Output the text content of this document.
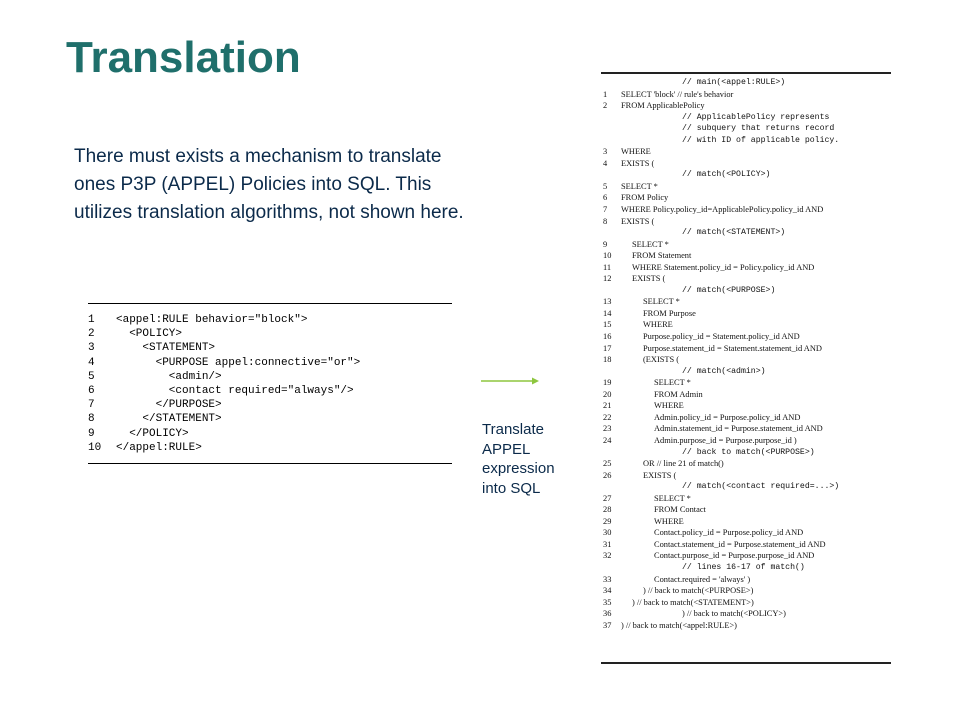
Translation
There must exists a mechanism to translate ones P3P (APPEL) Policies into SQL. This utilizes translation algorithms, not shown here.
1 <appel:RULE behavior="block">
2  <POLICY>
3    <STATEMENT>
4      <PURPOSE appel:connective="or">
5        <admin/>
6        <contact required="always"/>
7      </PURPOSE>
8    </STATEMENT>
9  </POLICY>
10 </appel:RULE>
Translate
APPEL
expression
into SQL
// main(<appel:RULE>)
1	SELECT 'block' // rule's behavior
2	FROM ApplicablePolicy
// ApplicablePolicy represents
// subquery that returns record
// with ID of applicable policy.
3	WHERE
4	EXISTS (
// match(<POLICY>)
5	SELECT *
6	FROM Policy
7	WHERE Policy.policy_id=ApplicablePolicy.policy_id AND
8	EXISTS (
// match(<STATEMENT>)
9	SELECT *
10	FROM Statement
11	WHERE Statement.policy_id = Policy.policy_id AND
12	EXISTS (
// match(<PURPOSE>)
13	SELECT *
14	FROM Purpose
15	WHERE
16	Purpose.policy_id = Statement.policy_id AND
17	Purpose.statement_id = Statement.statement_id AND
18	(EXISTS (
// match(<admin>)
19	SELECT *
20	FROM Admin
21	WHERE
22	Admin.policy_id = Purpose.policy_id AND
23	Admin.statement_id = Purpose.statement_id AND
24	Admin.purpose_id = Purpose.purpose_id )
// back to match(<PURPOSE>)
25	OR // line 21 of match()
26	EXISTS (
// match(<contact required=...>)
27	SELECT *
28	FROM Contact
29	WHERE
30	Contact.policy_id = Purpose.policy_id AND
31	Contact.statement_id = Purpose.statement_id AND
32	Contact.purpose_id = Purpose.purpose_id AND
// lines 16-17 of match()
33	Contact.required = 'always' )
34	) // back to match(<PURPOSE>)
35	) // back to match(<STATEMENT>)
36	) // back to match(<POLICY>)
37	) // back to match(<appel:RULE>)
